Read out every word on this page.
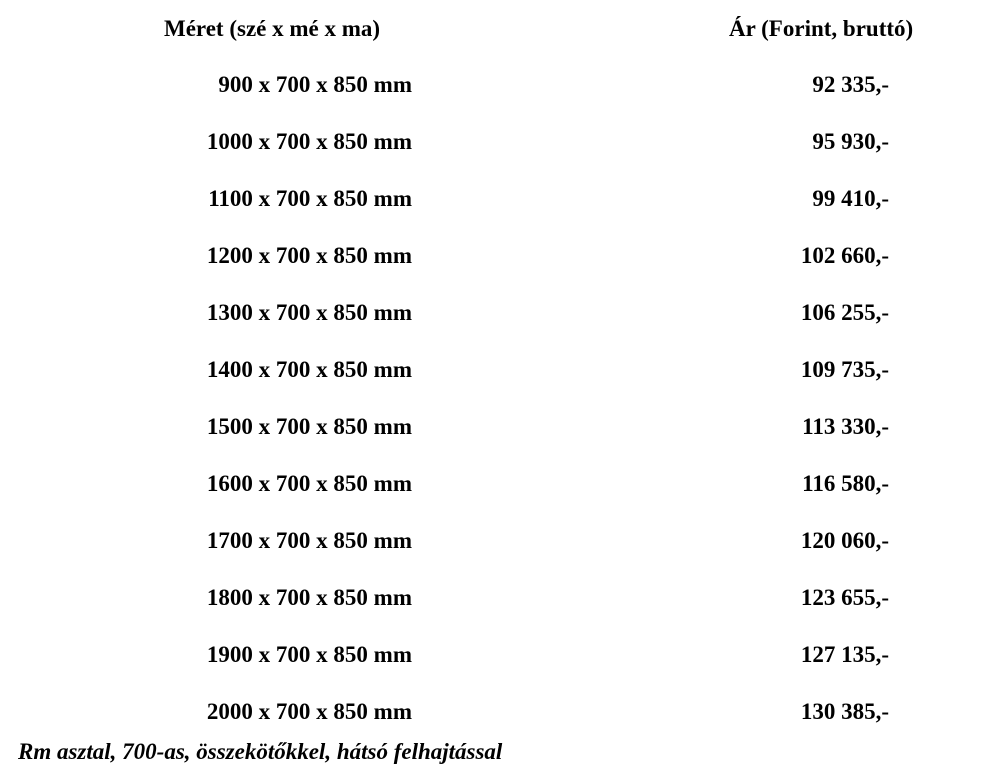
Méret (szé x mé x ma)	Ár (Forint, bruttó)
900 x 700 x 850 mm	92 335,-
1000 x 700 x 850 mm	95 930,-
1100 x 700 x 850 mm	99 410,-
1200 x 700 x 850 mm	102 660,-
1300 x 700 x 850 mm	106 255,-
1400 x 700 x 850 mm	109 735,-
1500 x 700 x 850 mm	113 330,-
1600 x 700 x 850 mm	116 580,-
1700 x 700 x 850 mm	120 060,-
1800 x 700 x 850 mm	123 655,-
1900 x 700 x 850 mm	127 135,-
2000 x 700 x 850 mm	130 385,-
Rm asztal, 700-as, összekötőkkel, hátsó felhajtással
